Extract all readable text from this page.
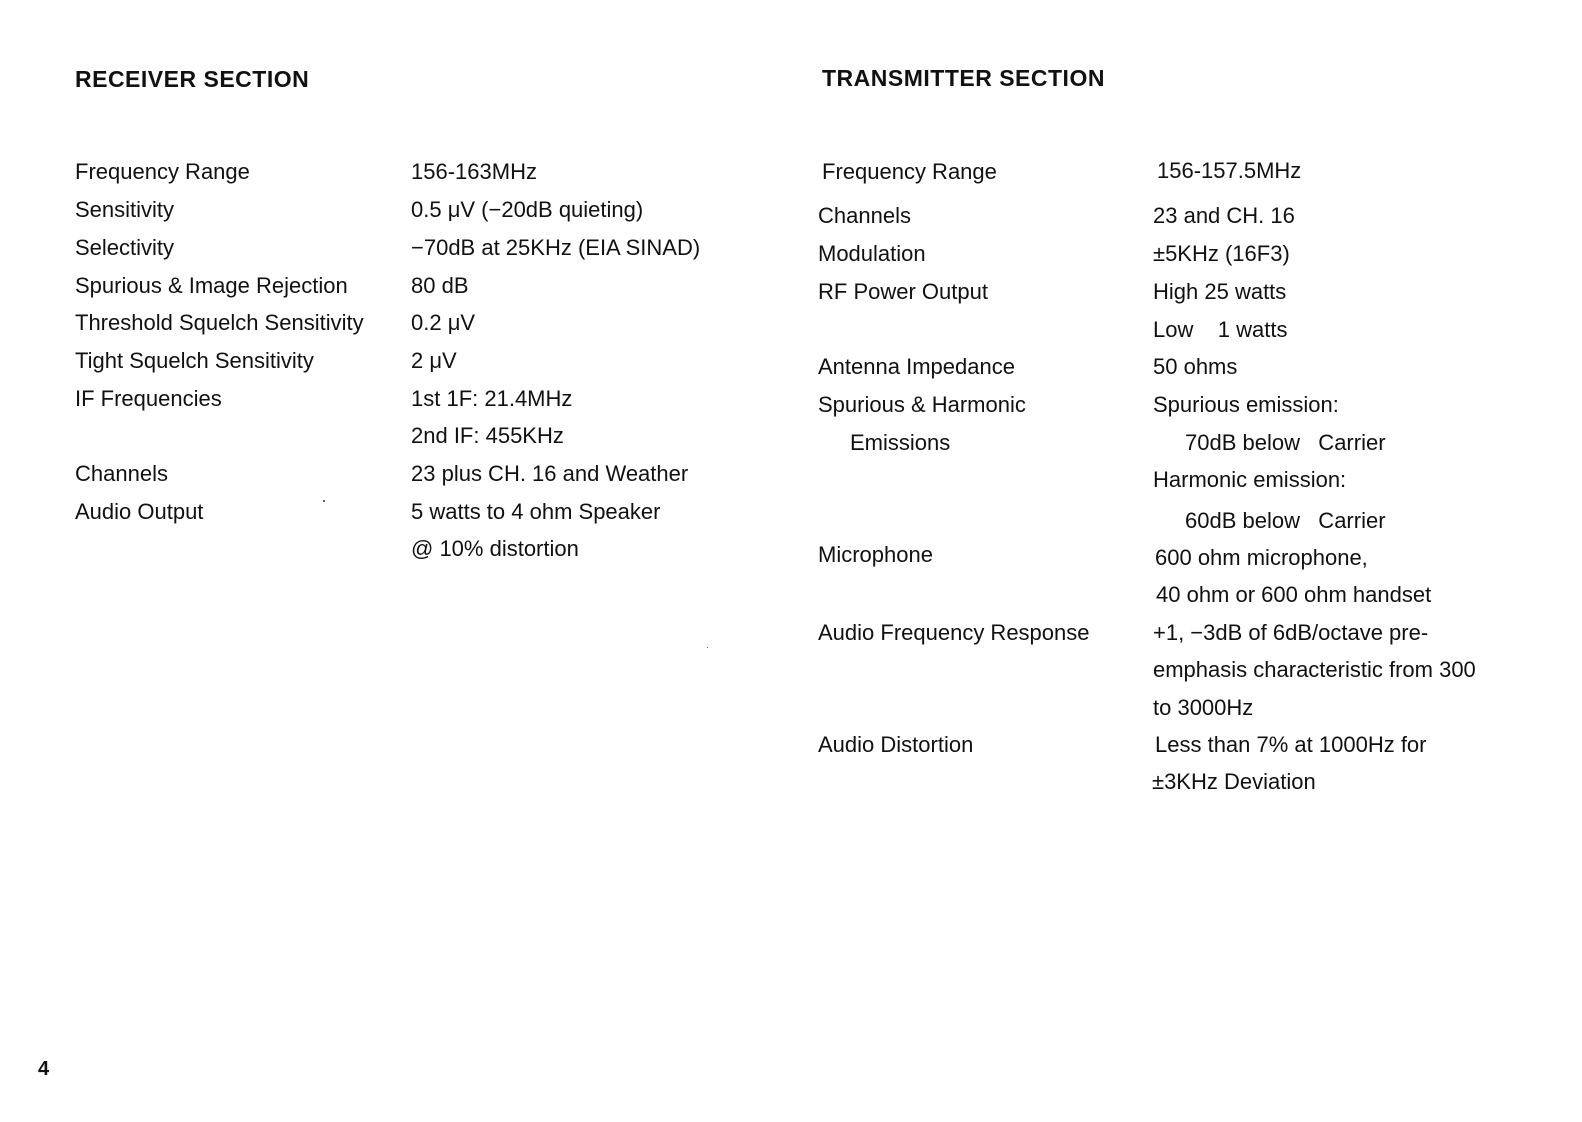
RECEIVER SECTION
Frequency Range	156-163MHz
Sensitivity	0.5 μV (−20dB quieting)
Selectivity	−70dB at 25KHz (EIA SINAD)
Spurious & Image Rejection	80 dB
Threshold Squelch Sensitivity 0.2 μV
Tight Squelch Sensitivity	2 μV
IF Frequencies	1st 1F: 21.4MHz
2nd IF: 455KHz
Channels	23 plus CH. 16 and Weather
Audio Output	5 watts to 4 ohm Speaker
@ 10% distortion
TRANSMITTER SECTION
Frequency Range	156-157.5MHz
Channels	23 and CH. 16
Modulation	±5KHz (16F3)
RF Power Output	High 25 watts
Low    1 watts
Antenna Impedance	50 ohms
Spurious & Harmonic	Spurious emission:
Emissions	70dB below   Carrier
Harmonic emission:
60dB below   Carrier
Microphone	600 ohm microphone,
40 ohm or 600 ohm handset
Audio Frequency Response	+1, −3dB of 6dB/octave pre-
emphasis characteristic from 300
to 3000Hz
Audio Distortion	Less than 7% at 1000Hz for
±3KHz Deviation
4
